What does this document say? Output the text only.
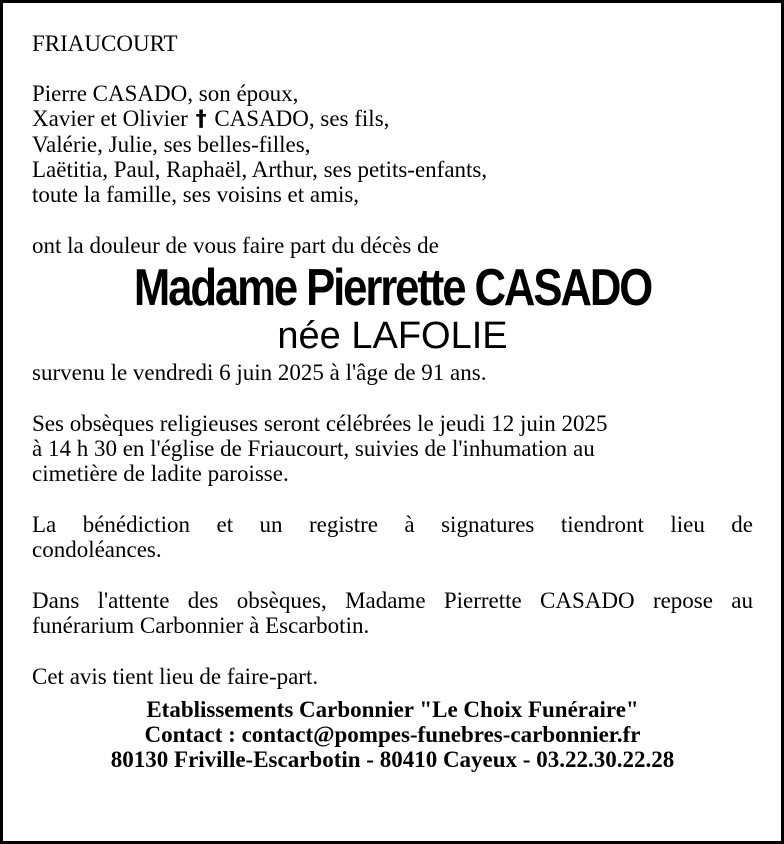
FRIAUCOURT
Pierre CASADO, son époux,
Xavier et Olivier † CASADO, ses fils,
Valérie, Julie, ses belles-filles,
Laëtitia, Paul, Raphaël, Arthur, ses petits-enfants,
toute la famille, ses voisins et amis,
ont la douleur de vous faire part du décès de
Madame Pierrette CASADO
née LAFOLIE
survenu le vendredi 6 juin 2025 à l'âge de 91 ans.
Ses obsèques religieuses seront célébrées le jeudi 12 juin 2025
à 14 h 30 en l'église de Friaucourt, suivies de l'inhumation au
cimetière de ladite paroisse.
La bénédiction et un registre à signatures tiendront lieu de
condoléances.
Dans l'attente des obsèques, Madame Pierrette CASADO repose au
funérarium Carbonnier à Escarbotin.
Cet avis tient lieu de faire-part.
Etablissements Carbonnier "Le Choix Funéraire"
Contact : contact@pompes-funebres-carbonnier.fr
80130 Friville-Escarbotin - 80410 Cayeux - 03.22.30.22.28
